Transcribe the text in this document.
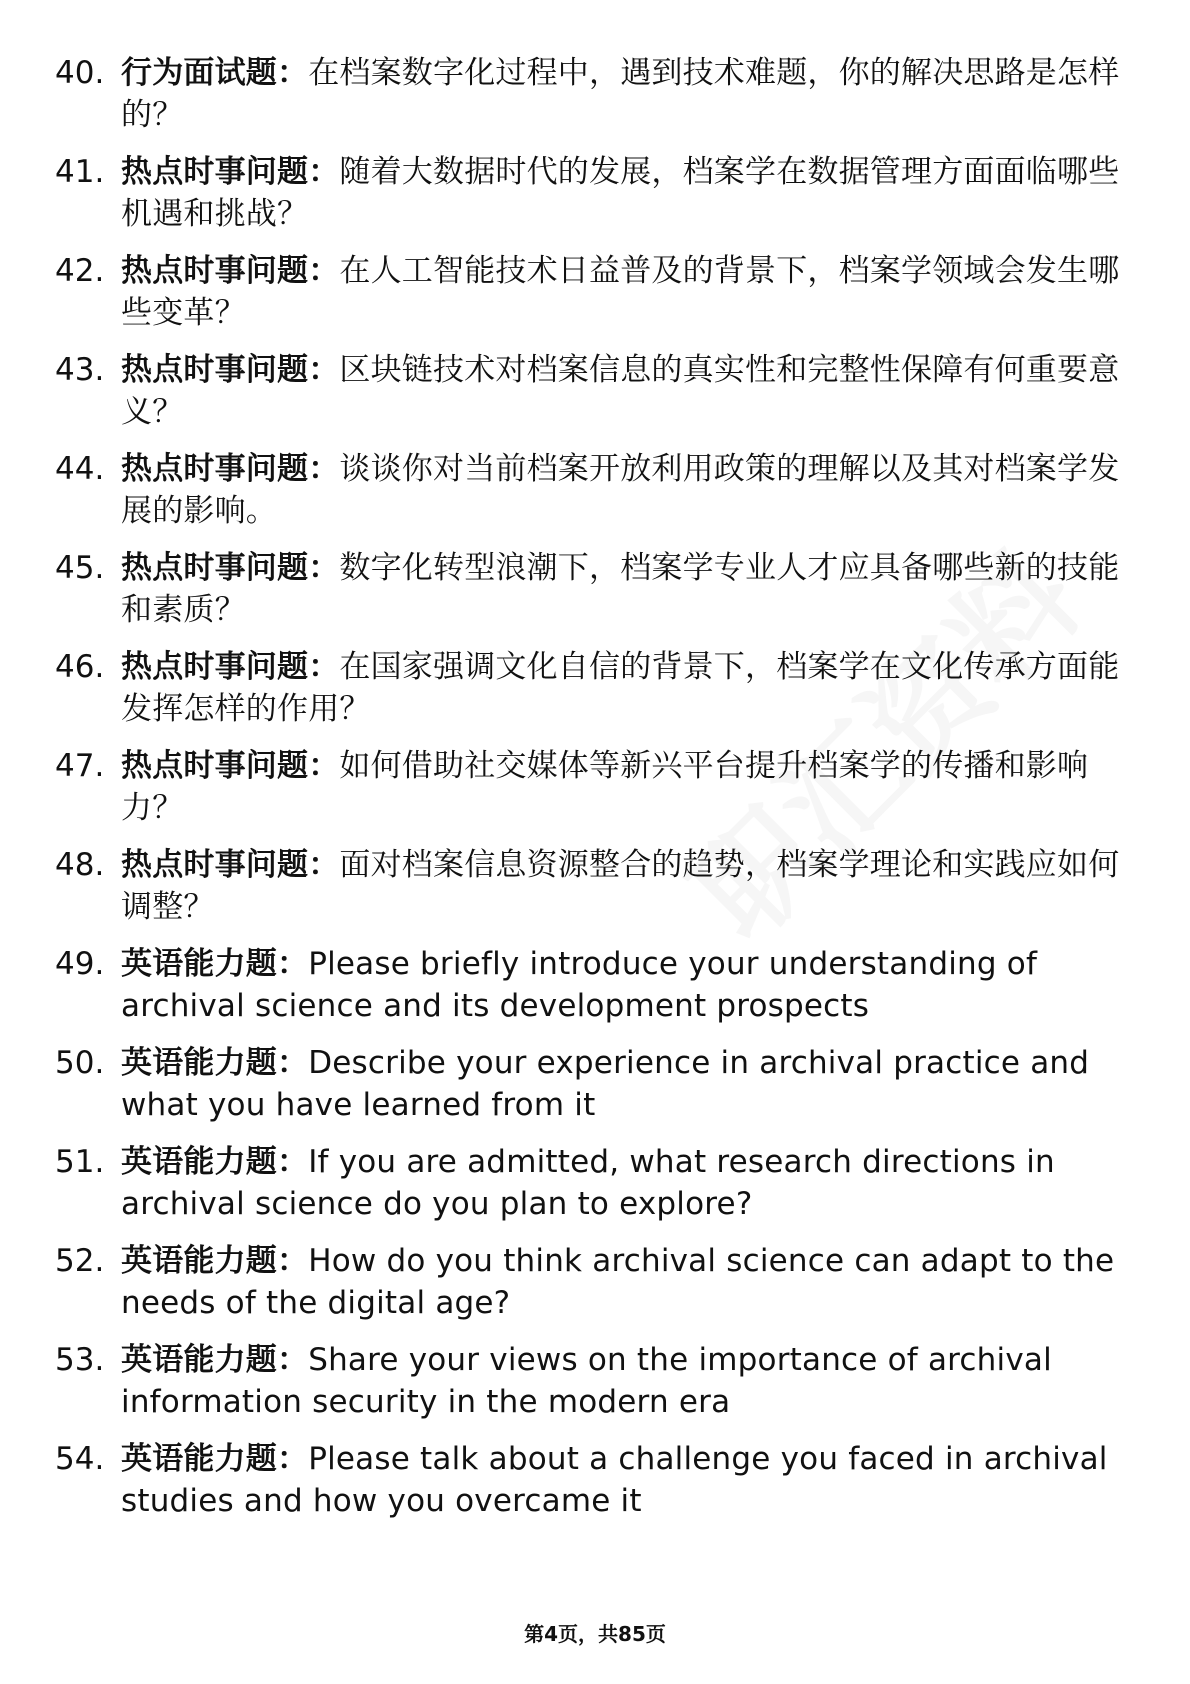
40. 行为面试题：在档案数字化过程中，遇到技术难题，你的解决思路是怎样的？
41. 热点时事问题：随着大数据时代的发展，档案学在数据管理方面面临哪些机遇和挑战？
42. 热点时事问题：在人工智能技术日益普及的背景下，档案学领域会发生哪些变革？
43. 热点时事问题：区块链技术对档案信息的真实性和完整性保障有何重要意义？
44. 热点时事问题：谈谈你对当前档案开放利用政策的理解以及其对档案学发展的影响。
45. 热点时事问题：数字化转型浪潮下，档案学专业人才应具备哪些新的技能和素质？
46. 热点时事问题：在国家强调文化自信的背景下，档案学在文化传承方面能发挥怎样的作用？
47. 热点时事问题：如何借助社交媒体等新兴平台提升档案学的传播和影响力？
48. 热点时事问题：面对档案信息资源整合的趋势，档案学理论和实践应如何调整？
49. 英语能力题：Please briefly introduce your understanding of archival science and its development prospects
50. 英语能力题：Describe your experience in archival practice and what you have learned from it
51. 英语能力题：If you are admitted, what research directions in archival science do you plan to explore?
52. 英语能力题：How do you think archival science can adapt to the needs of the digital age?
53. 英语能力题：Share your views on the importance of archival information security in the modern era
54. 英语能力题：Please talk about a challenge you faced in archival studies and how you overcame it
第4页，共85页
